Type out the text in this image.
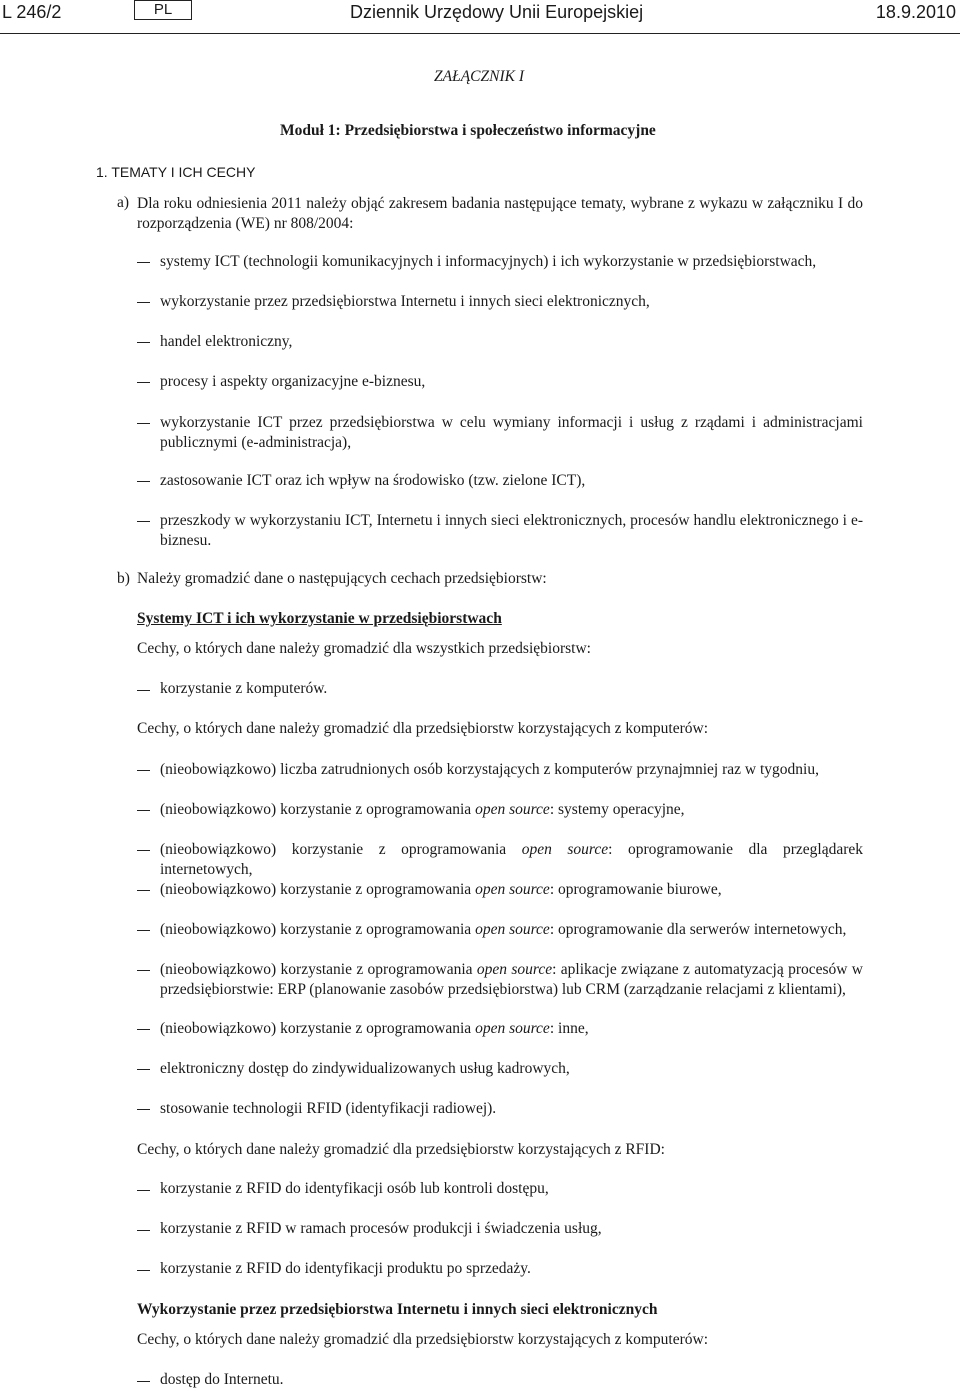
L 246/2	PL	Dziennik Urzędowy Unii Europejskiej	18.9.2010
ZAŁĄCZNIK I
Moduł 1: Przedsiębiorstwa i społeczeństwo informacyjne
1. TEMATY I ICH CECHY
a) Dla roku odniesienia 2011 należy objąć zakresem badania następujące tematy, wybrane z wykazu w załączniku I do rozporządzenia (WE) nr 808/2004:
systemy ICT (technologii komunikacyjnych i informacyjnych) i ich wykorzystanie w przedsiębiorstwach,
wykorzystanie przez przedsiębiorstwa Internetu i innych sieci elektronicznych,
handel elektroniczny,
procesy i aspekty organizacyjne e-biznesu,
wykorzystanie ICT przez przedsiębiorstwa w celu wymiany informacji i usług z rządami i administracjami publicznymi (e-administracja),
zastosowanie ICT oraz ich wpływ na środowisko (tzw. zielone ICT),
przeszkody w wykorzystaniu ICT, Internetu i innych sieci elektronicznych, procesów handlu elektronicznego i e-biznesu.
b) Należy gromadzić dane o następujących cechach przedsiębiorstw:
Systemy ICT i ich wykorzystanie w przedsiębiorstwach
Cechy, o których dane należy gromadzić dla wszystkich przedsiębiorstw:
korzystanie z komputerów.
Cechy, o których dane należy gromadzić dla przedsiębiorstw korzystających z komputerów:
(nieobowiązkowo) liczba zatrudnionych osób korzystających z komputerów przynajmniej raz w tygodniu,
(nieobowiązkowo) korzystanie z oprogramowania open source: systemy operacyjne,
(nieobowiązkowo) korzystanie z oprogramowania open source: oprogramowanie dla przeglądarek internetowych,
(nieobowiązkowo) korzystanie z oprogramowania open source: oprogramowanie biurowe,
(nieobowiązkowo) korzystanie z oprogramowania open source: oprogramowanie dla serwerów internetowych,
(nieobowiązkowo) korzystanie z oprogramowania open source: aplikacje związane z automatyzacją procesów w przedsiębiorstwie: ERP (planowanie zasobów przedsiębiorstwa) lub CRM (zarządzanie relacjami z klientami),
(nieobowiązkowo) korzystanie z oprogramowania open source: inne,
elektroniczny dostęp do zindywidualizowanych usług kadrowych,
stosowanie technologii RFID (identyfikacji radiowej).
Cechy, o których dane należy gromadzić dla przedsiębiorstw korzystających z RFID:
korzystanie z RFID do identyfikacji osób lub kontroli dostępu,
korzystanie z RFID w ramach procesów produkcji i świadczenia usług,
korzystanie z RFID do identyfikacji produktu po sprzedaży.
Wykorzystanie przez przedsiębiorstwa Internetu i innych sieci elektronicznych
Cechy, o których dane należy gromadzić dla przedsiębiorstw korzystających z komputerów:
dostęp do Internetu.
